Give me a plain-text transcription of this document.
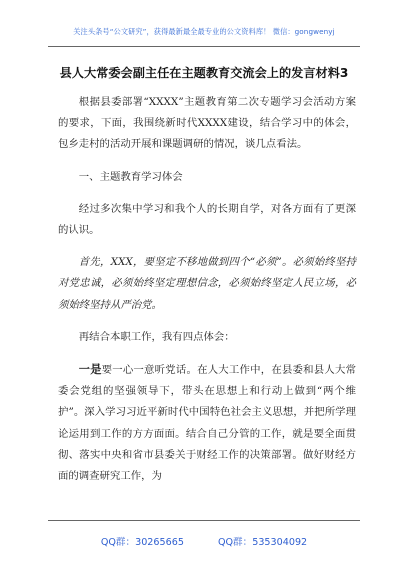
关注头条号“公文研究”，获得最新最全最专业的公文资料库！ 微信：gongwenyj
县人大常委会副主任在主题教育交流会上的发言材料3

根据县委部署“XXXX”主题教育第二次专题学习会活动方案的要求，下面，我围绕新时代XXXX建设，结合学习中的体会，包乡走村的活动开展和课题调研的情况，谈几点看法。

一、主题教育学习体会

经过多次集中学习和我个人的长期自学，对各方面有了更深的认识。

首先，XXX，要坚定不移地做到四个“必须”。必须始终坚持对党忠诚，必须始终坚定理想信念，必须始终坚定人民立场，必须始终坚持从严治党。

再结合本职工作，我有四点体会：

一是要一心一意听党话。在人大工作中，在县委和县人大常委会党组的坚强领导下，带头在思想上和行动上做到“两个维护”。深入学习习近平新时代中国特色社会主义思想，并把所学理论运用到工作的方方面面。结合自己分管的工作，就是要全面贯彻、落实中央和省市县委关于财经工作的决策部署。做好财经方面的调查研究工作，为

QQ群：30265665	QQ群：535304092
